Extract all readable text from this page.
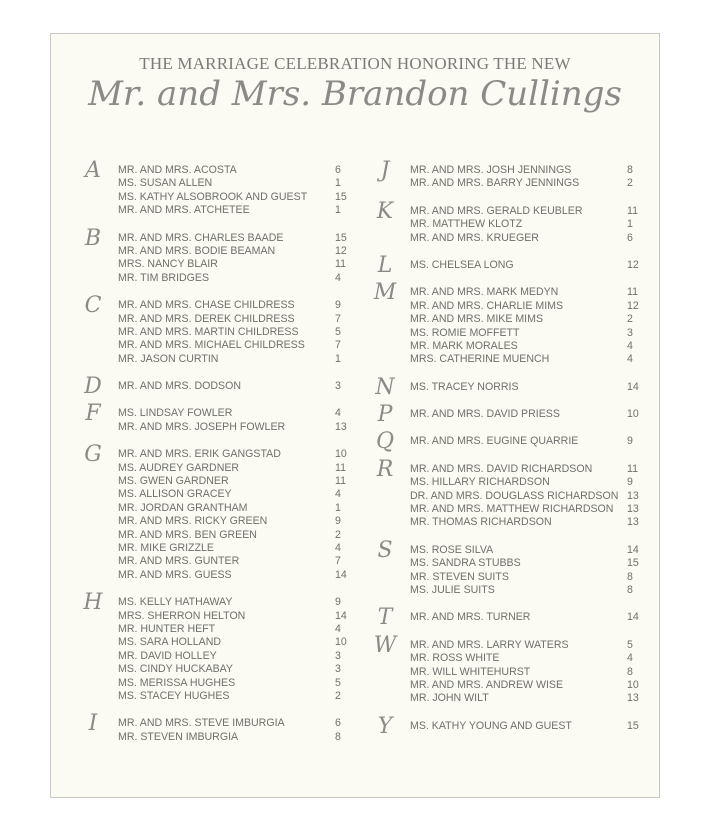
THE MARRIAGE CELEBRATION HONORING THE NEW
Mr. and Mrs. Brandon Cullings
A	MR. AND MRS. ACOSTA	6
MS. SUSAN ALLEN	1
MS. KATHY ALSOBROOK AND GUEST	15
MR. AND MRS. ATCHETEE	1
B	MR. AND MRS. CHARLES BAADE	15
MR. AND MRS. BODIE BEAMAN	12
MRS. NANCY BLAIR	11
MR. TIM BRIDGES	4
C	MR. AND MRS. CHASE CHILDRESS	9
MR. AND MRS. DEREK CHILDRESS	7
MR. AND MRS. MARTIN CHILDRESS	5
MR. AND MRS. MICHAEL CHILDRESS	7
MR. JASON CURTIN	1
D	MR. AND MRS. DODSON	3
F	MS. LINDSAY FOWLER	4
MR. AND MRS. JOSEPH FOWLER	13
G	MR. AND MRS. ERIK GANGSTAD	10
MS. AUDREY GARDNER	11
MS. GWEN GARDNER	11
MS. ALLISON GRACEY	4
MR. JORDAN GRANTHAM	1
MR. AND MRS. RICKY GREEN	9
MR. AND MRS. BEN GREEN	2
MR. MIKE GRIZZLE	4
MR. AND MRS. GUNTER	7
MR. AND MRS. GUESS	14
H	MS. KELLY HATHAWAY	9
MRS. SHERRON HELTON	14
MR. HUNTER HEFT	4
MS. SARA HOLLAND	10
MR. DAVID HOLLEY	3
MS. CINDY HUCKABAY	3
MS. MERISSA HUGHES	5
MS. STACEY HUGHES	2
I	MR. AND MRS. STEVE IMBURGIA	6
MR. STEVEN IMBURGIA	8
J	MR. AND MRS. JOSH JENNINGS	8
MR. AND MRS. BARRY JENNINGS	2
K	MR. AND MRS. GERALD KEUBLER	11
MR. MATTHEW KLOTZ	1
MR. AND MRS. KRUEGER	6
L	MS. CHELSEA LONG	12
M	MR. AND MRS. MARK MEDYN	11
MR. AND MRS. CHARLIE MIMS	12
MR. AND MRS. MIKE MIMS	2
MS. ROMIE MOFFETT	3
MR. MARK MORALES	4
MRS. CATHERINE MUENCH	4
N	MS. TRACEY NORRIS	14
P	MR. AND MRS. DAVID PRIESS	10
Q	MR. AND MRS. EUGINE QUARRIE	9
R	MR. AND MRS. DAVID RICHARDSON	11
MS. HILLARY RICHARDSON	9
DR. AND MRS. DOUGLASS RICHARDSON 13
MR. AND MRS. MATTHEW RICHARDSON 13
MR. THOMAS RICHARDSON	13
S	MS. ROSE SILVA	14
MS. SANDRA STUBBS	15
MR. STEVEN SUITS	8
MS. JULIE SUITS	8
T	MR. AND MRS. TURNER	14
W	MR. AND MRS. LARRY WATERS	5
MR. ROSS WHITE	4
MR. WILL WHITEHURST	8
MR. AND MRS. ANDREW WISE	10
MR. JOHN WILT	13
Y	MS. KATHY YOUNG AND GUEST	15
